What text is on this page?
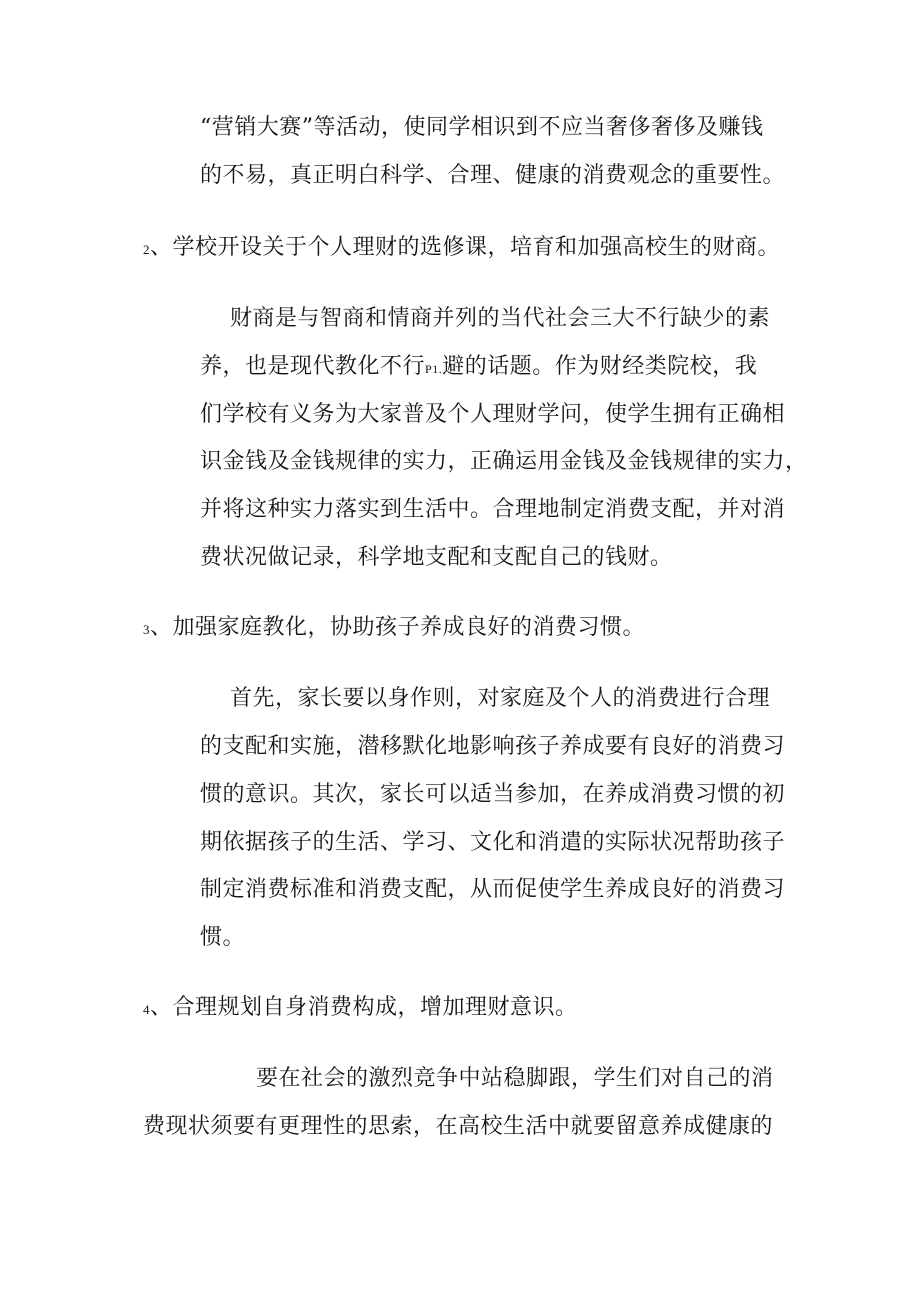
“营销大赛”等活动，使同学相识到不应当奢侈奢侈及赚钱
的不易，真正明白科学、合理、健康的消费观念的重要性。
2、学校开设关于个人理财的选修课，培育和加强高校生的财商。
财商是与智商和情商并列的当代社会三大不行缺少的素
养，也是现代教化不行P1.避的话题。作为财经类院校，我
们学校有义务为大家普及个人理财学问，使学生拥有正确相
识金钱及金钱规律的实力，正确运用金钱及金钱规律的实力，
并将这种实力落实到生活中。合理地制定消费支配，并对消
费状况做记录，科学地支配和支配自己的钱财。
3、加强家庭教化，协助孩子养成良好的消费习惯。
首先，家长要以身作则，对家庭及个人的消费进行合理
的支配和实施，潜移默化地影响孩子养成要有良好的消费习
惯的意识。其次，家长可以适当参加，在养成消费习惯的初
期依据孩子的生活、学习、文化和消遣的实际状况帮助孩子
制定消费标准和消费支配，从而促使学生养成良好的消费习
惯。
4、合理规划自身消费构成，增加理财意识。
要在社会的激烈竞争中站稳脚跟，学生们对自己的消
费现状须要有更理性的思索，在高校生活中就要留意养成健康的
